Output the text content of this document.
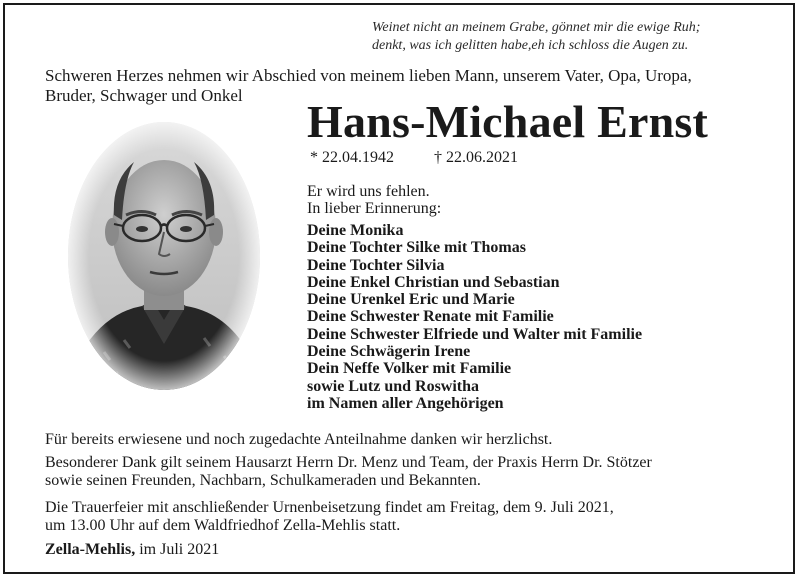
Weinet nicht an meinem Grabe, gönnet mir die ewige Ruh;
denkt, was ich gelitten habe,eh ich schloss die Augen zu.
Schweren Herzes nehmen wir Abschied von meinem lieben Mann, unserem Vater, Opa, Uropa,
Bruder, Schwager und Onkel
Hans-Michael Ernst
* 22.04.1942	† 22.06.2021
Er wird uns fehlen.
In lieber Erinnerung:
Deine Monika
Deine Tochter Silke mit Thomas
Deine Tochter Silvia
Deine Enkel Christian und Sebastian
Deine Urenkel Eric und Marie
Deine Schwester Renate mit Familie
Deine Schwester Elfriede und Walter mit Familie
Deine Schwägerin Irene
Dein Neffe Volker mit Familie
sowie Lutz und Roswitha
im Namen aller Angehörigen
Für bereits erwiesene und noch zugedachte Anteilnahme danken wir herzlichst.
Besonderer Dank gilt seinem Hausarzt Herrn Dr. Menz und Team, der Praxis Herrn Dr. Stötzer
sowie seinen Freunden, Nachbarn, Schulkameraden und Bekannten.
Die Trauerfeier mit anschließender Urnenbeisetzung findet am Freitag, dem 9. Juli 2021,
um 13.00 Uhr auf dem Waldfriedhof Zella-Mehlis statt.
Zella-Mehlis, im Juli 2021
